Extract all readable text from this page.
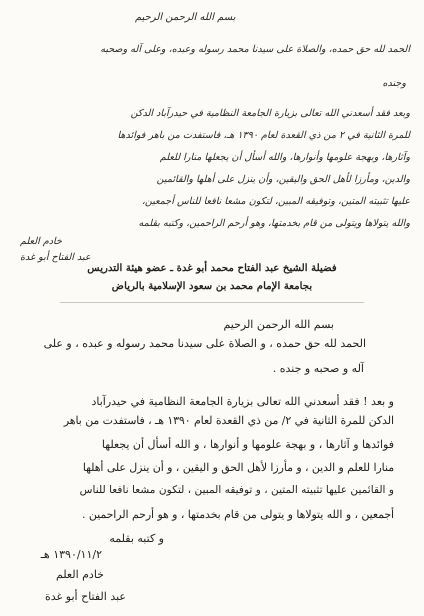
بسم الله الرحمن الرحيم
الحمد لله حق حمده، والصلاة على سيدنا محمد رسوله وعبده، وعلى آله وصحبه
وجنده
وبعد فقد أسعدني الله تعالى بزيارة الجامعة النظامية في حيدرآباد الدكن
للمرة الثانية في ٢ من ذي القعدة لعام ١٣٩٠ هـ، فاستفدت من باهر فوائدها
وآثارها، وبهجة علومها وأنوارها، والله أسأل أن يجعلها منارا للعلم
والدين، ومأرزا لأهل الحق واليقين، وأن ينزل على أهلها والقائمين
عليها تثبيته المتين، وتوفيقه المبين، لتكون مشعا نافعا للناس أجمعين،
والله يتولاها ويتولى من قام بخدمتها، وهو أرحم الراحمين، وكتبه بقلمه
خادم العلم
عبد الفتاح أبو غدة
فضيلة الشيخ عبد الفتاح محمد أبو غدة ـ عضو هيئة التدريس
بجامعة الإمام محمد بن سعود الإسلامية بالرياض
بسم الله الرحمن الرحيم
الحمد لله حق حمده ، و الصلاة على سيدنا محمد رسوله و عبده ، و على
آله و صحبه و جنده .
و بعد ! فقد أسعدني الله تعالى بزيارة الجامعة النظامية في حيدرآباد
الدكن للمرة الثانية في ٢/ من ذي القعدة لعام ١٣٩٠ هـ ، فاستفدت من باهر
فوائدها و آثارها ، و بهجة علومها و أنوارها ، و الله أسأل أن يجعلها
منارا للعلم و الدين ، و مأرزا لأهل الحق و اليقين ، و أن ينزل على أهلها
و القائمين عليها تثبيته المتين ، و توفيقه المبين ، لتكون مشعا نافعا للناس
أجمعين ، و الله يتولاها و يتولى من قام بخدمتها ، و هو أرحم الراحمين .
و كتبه بقلمه
١٣٩٠/١١/٢ هـ
خادم العلم
عبد الفتاح أبو غدة
